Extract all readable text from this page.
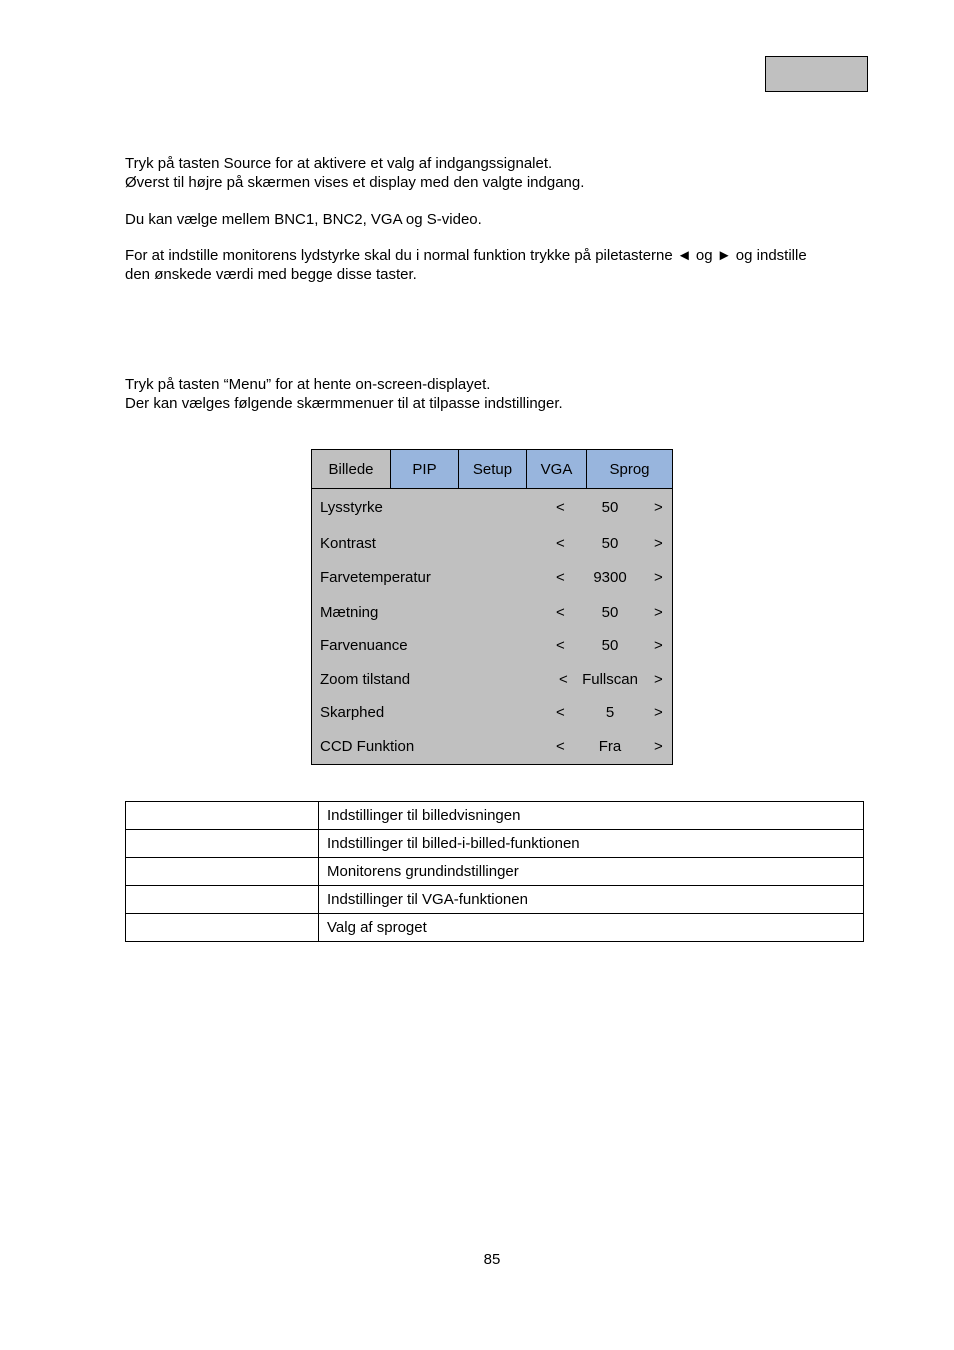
Tryk på tasten Source for at aktivere et valg af indgangssignalet.
Øverst til højre på skærmen vises et display med den valgte indgang.
Du kan vælge mellem BNC1, BNC2, VGA og S-video.
For at indstille monitorens lydstyrke skal du i normal funktion trykke på piletasterne ◄ og ► og indstille
den ønskede værdi med begge disse taster.
Tryk på tasten “Menu” for at hente on-screen-displayet.
Der kan vælges følgende skærmmenuer til at tilpasse indstillinger.
Billede	PIP	Setup	VGA	Sprog
Lysstyrke	<	50	>
Kontrast	<	50	>
Farvetemperatur	<	9300	>
Mætning	<	50	>
Farvenuance	<	50	>
Zoom tilstand	< Fullscan	>
Skarphed	<	5	>
CCD Funktion	<	Fra	>
	Indstillinger til billedvisningen
	Indstillinger til billed-i-billed-funktionen
	Monitorens grundindstillinger
	Indstillinger til VGA-funktionen
	Valg af sproget
85
